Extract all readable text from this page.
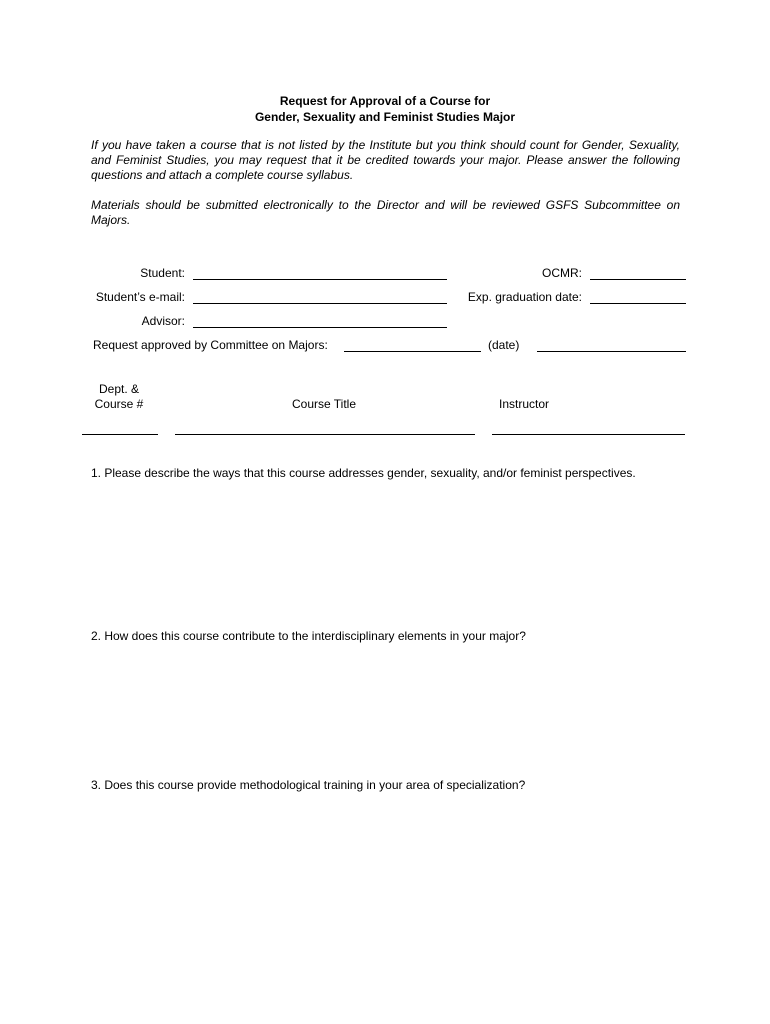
Request for Approval of a Course for
Gender, Sexuality and Feminist Studies Major
If you have taken a course that is not listed by the Institute but you think should count for Gender, Sexuality, and Feminist Studies, you may request that it be credited towards your major. Please answer the following questions and attach a complete course syllabus.
Materials should be submitted electronically to the Director and will be reviewed GSFS Subcommittee on Majors.
Student:	OCMR:
Student’s e-mail:	Exp. graduation date:
Advisor:
Request approved by Committee on Majors:	(date)
Dept. &
Course #	Course Title	Instructor
1. Please describe the ways that this course addresses gender, sexuality, and/or feminist perspectives.
2. How does this course contribute to the interdisciplinary elements in your major?
3. Does this course provide methodological training in your area of specialization?
